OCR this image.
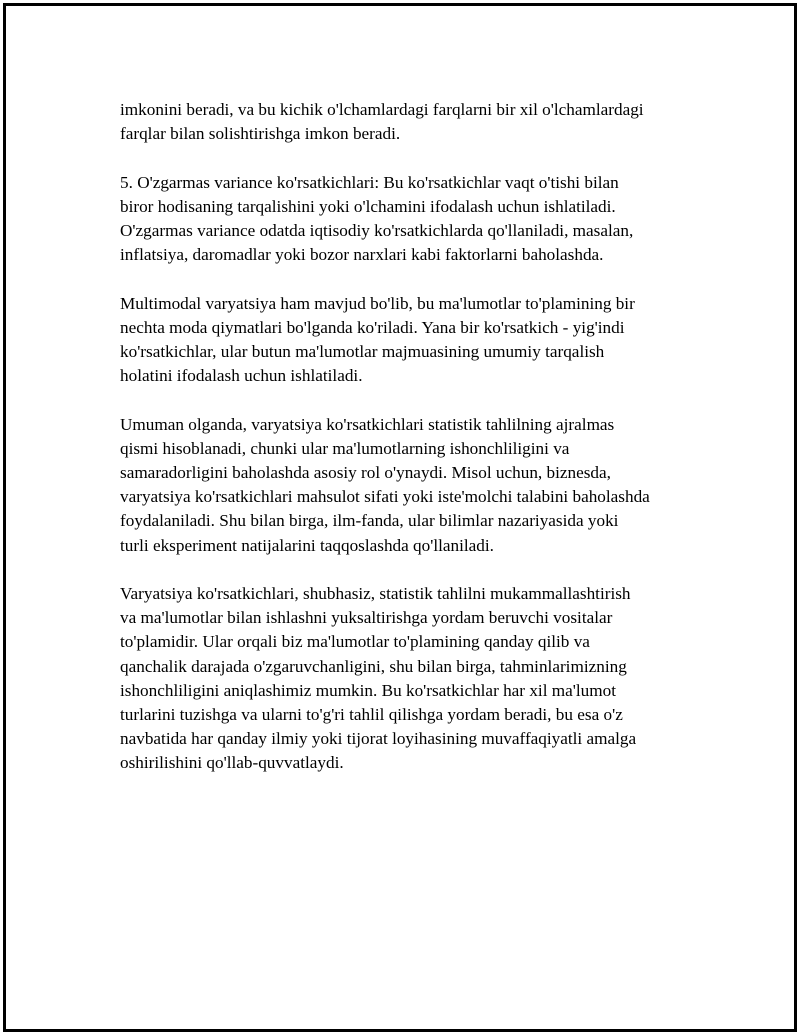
imkonini beradi, va bu kichik o'lchamlardagi farqlarni bir xil o'lchamlardagi
farqlar bilan solishtirishga imkon beradi.

5. O'zgarmas variance ko'rsatkichlari: Bu ko'rsatkichlar vaqt o'tishi bilan
biror hodisaning tarqalishini yoki o'lchamini ifodalash uchun ishlatiladi.
O'zgarmas variance odatda iqtisodiy ko'rsatkichlarda qo'llaniladi, masalan,
inflatsiya, daromadlar yoki bozor narxlari kabi faktorlarni baholashda.

Multimodal varyatsiya ham mavjud bo'lib, bu ma'lumotlar to'plamining bir
nechta moda qiymatlari bo'lganda ko'riladi. Yana bir ko'rsatkich - yig'indi
ko'rsatkichlar, ular butun ma'lumotlar majmuasining umumiy tarqalish
holatini ifodalash uchun ishlatiladi.

Umuman olganda, varyatsiya ko'rsatkichlari statistik tahlilning ajralmas
qismi hisoblanadi, chunki ular ma'lumotlarning ishonchliligini va
samaradorligini baholashda asosiy rol o'ynaydi. Misol uchun, biznesda,
varyatsiya ko'rsatkichlari mahsulot sifati yoki iste'molchi talabini baholashda
foydalaniladi. Shu bilan birga, ilm-fanda, ular bilimlar nazariyasida yoki
turli eksperiment natijalarini taqqoslashda qo'llaniladi.

Varyatsiya ko'rsatkichlari, shubhasiz, statistik tahlilni mukammallashtirish
va ma'lumotlar bilan ishlashni yuksaltirishga yordam beruvchi vositalar
to'plamidir. Ular orqali biz ma'lumotlar to'plamining qanday qilib va
qanchalik darajada o'zgaruvchanligini, shu bilan birga, tahminlarimizning
ishonchliligini aniqlashimiz mumkin. Bu ko'rsatkichlar har xil ma'lumot
turlarini tuzishga va ularni to'g'ri tahlil qilishga yordam beradi, bu esa o'z
navbatida har qanday ilmiy yoki tijorat loyihasining muvaffaqiyatli amalga
oshirilishini qo'llab-quvvatlaydi.
